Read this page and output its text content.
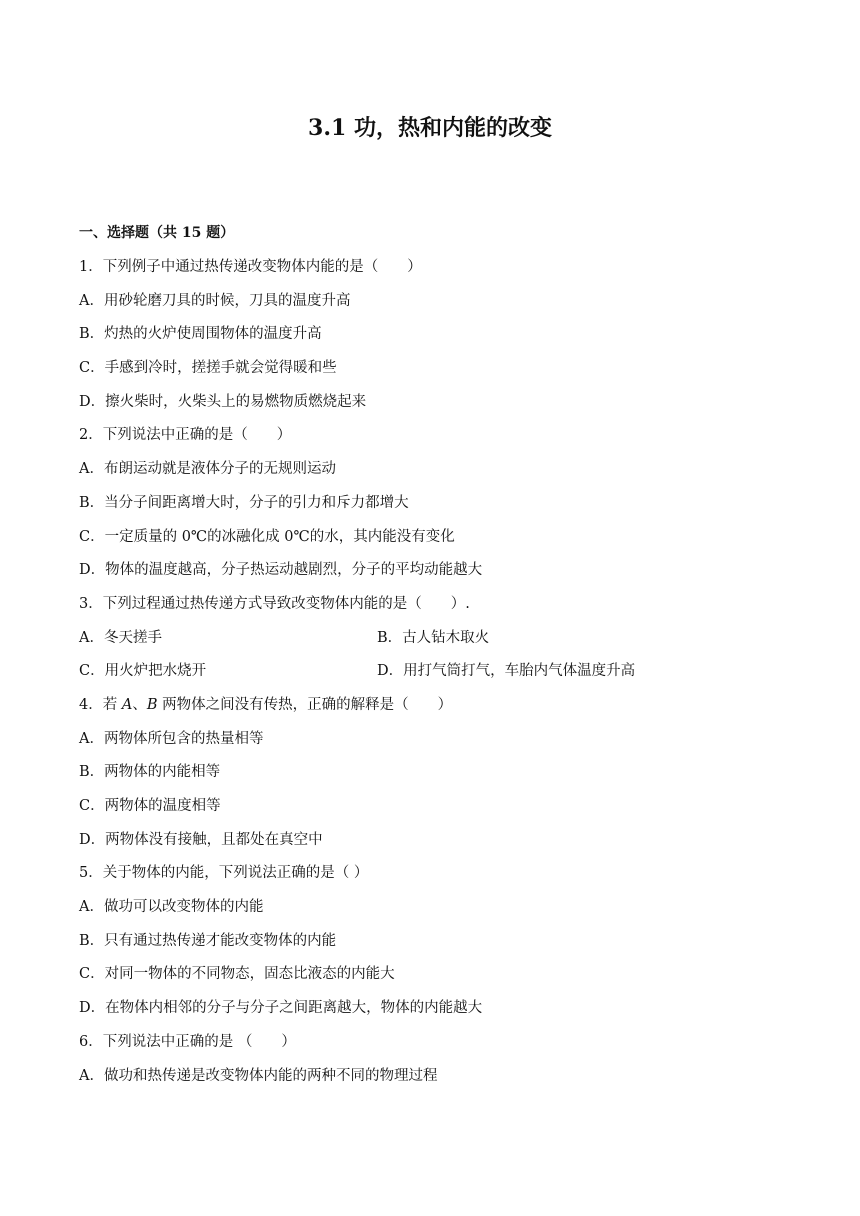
3.1 功，热和内能的改变
一、选择题（共 15 题）
1．下列例子中通过热传递改变物体内能的是（　　）
A．用砂轮磨刀具的时候，刀具的温度升高
B．灼热的火炉使周围物体的温度升高
C．手感到冷时，搓搓手就会觉得暖和些
D．擦火柴时，火柴头上的易燃物质燃烧起来
2．下列说法中正确的是（　　）
A．布朗运动就是液体分子的无规则运动
B．当分子间距离增大时，分子的引力和斥力都增大
C．一定质量的 0℃的冰融化成 0℃的水，其内能没有变化
D．物体的温度越高，分子热运动越剧烈，分子的平均动能越大
3．下列过程通过热传递方式导致改变物体内能的是（　　）.
A．冬天搓手	B．古人钻木取火
C．用火炉把水烧开	D．用打气筒打气，车胎内气体温度升高
4．若 A、B 两物体之间没有传热，正确的解释是（　　）
A．两物体所包含的热量相等
B．两物体的内能相等
C．两物体的温度相等
D．两物体没有接触，且都处在真空中
5．关于物体的内能，下列说法正确的是（ ）
A．做功可以改变物体的内能
B．只有通过热传递才能改变物体的内能
C．对同一物体的不同物态，固态比液态的内能大
D．在物体内相邻的分子与分子之间距离越大，物体的内能越大
6．下列说法中正确的是 （　　）
A．做功和热传递是改变物体内能的两种不同的物理过程
